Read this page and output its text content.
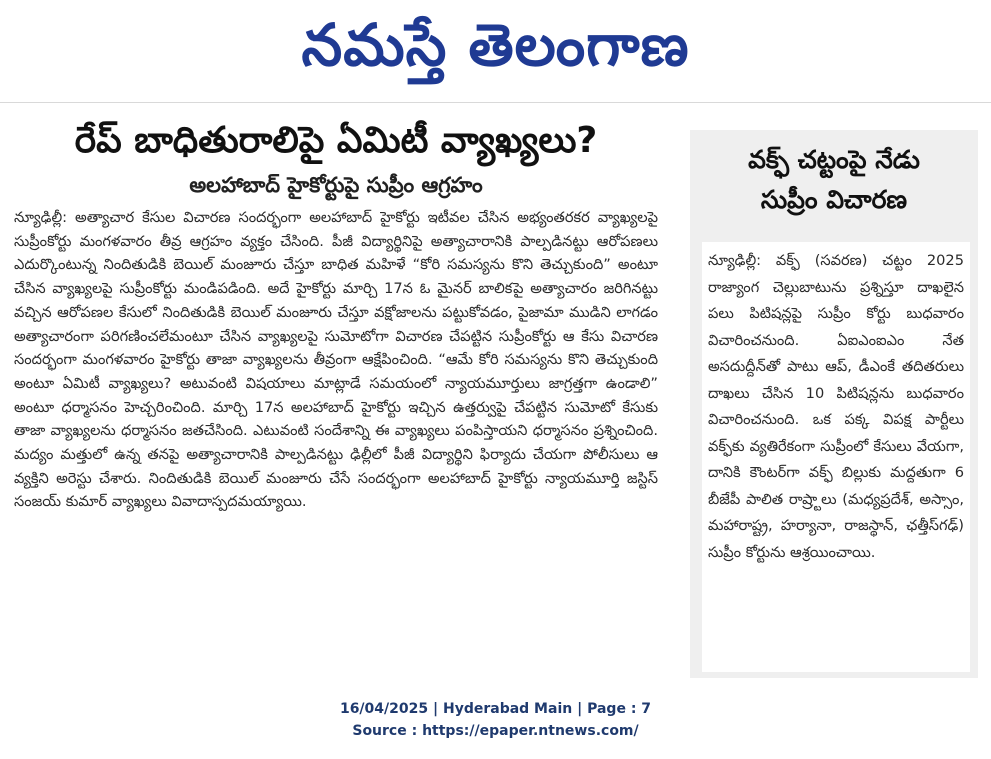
నమస్తే తెలంగాణ
రేప్ బాధితురాలిపై ఏమిటీ వ్యాఖ్యలు?
అలహాబాద్ హైకోర్టుపై సుప్రీం ఆగ్రహం

న్యూఢిల్లీ: అత్యాచార కేసుల విచారణ సందర్భంగా అలహాబాద్ హైకోర్టు ఇటీవల చేసిన అభ్యంతరకర వ్యాఖ్యలపై సుప్రీంకోర్టు మంగళవారం తీవ్ర ఆగ్రహం వ్యక్తం చేసింది. పీజీ విద్యార్థినిపై అత్యాచారానికి పాల్పడినట్టు ఆరోపణలు ఎదుర్కొంటున్న నిందితుడికి బెయిల్ మంజూరు చేస్తూ బాధిత మహిళే “కోరి సమస్యను కొని తెచ్చుకుంది” అంటూ చేసిన వ్యాఖ్యలపై సుప్రీంకోర్టు మండిపడింది. అదే హైకోర్టు మార్చి 17న ఓ మైనర్ బాలికపై అత్యాచారం జరిగినట్టు వచ్చిన ఆరోపణల కేసులో నిందితుడికి బెయిల్ మంజూరు చేస్తూ వక్షోజాలను పట్టుకోవడం, పైజామా ముడిని లాగడం అత్యాచారంగా పరిగణించలేమంటూ చేసిన వ్యాఖ్యలపై సుమోటోగా విచారణ చేపట్టిన సుప్రీంకోర్టు ఆ కేసు విచారణ సందర్భంగా మంగళవారం హైకోర్టు తాజా వ్యాఖ్యలను తీవ్రంగా ఆక్షేపించింది. “ఆమే కోరి సమస్యను కొని తెచ్చుకుంది అంటూ ఏమిటీ వ్యాఖ్యలు? అటువంటి విషయాలు మాట్లాడే సమయంలో న్యాయమూర్తులు జాగ్రత్తగా ఉండాలి” అంటూ ధర్మాసనం హెచ్చరించింది. మార్చి 17న అలహాబాద్ హైకోర్టు ఇచ్చిన ఉత్తర్వుపై చేపట్టిన సుమోటో కేసుకు తాజా వ్యాఖ్యలను ధర్మాసనం జతచేసింది. ఎటువంటి సందేశాన్ని ఈ వ్యాఖ్యలు పంపిస్తాయని ధర్మాసనం ప్రశ్నించింది. మద్యం మత్తులో ఉన్న తనపై అత్యాచారానికి పాల్పడినట్టు ఢిల్లీలో పీజీ విద్యార్థిని ఫిర్యాదు చేయగా పోలీసులు ఆ వ్యక్తిని అరెస్టు చేశారు. నిందితుడికి బెయిల్ మంజూరు చేసే సందర్భంగా అలహాబాద్ హైకోర్టు న్యాయమూర్తి జస్టిస్ సంజయ్ కుమార్ వ్యాఖ్యలు వివాదాస్పదమయ్యాయి.

వక్ఫ్ చట్టంపై నేడు
సుప్రీం విచారణ

న్యూఢిల్లీ: వక్ఫ్ (సవరణ) చట్టం 2025 రాజ్యాంగ చెల్లుబాటును ప్రశ్నిస్తూ దాఖలైన పలు పిటిషన్లపై సుప్రీం కోర్టు బుధవారం విచారించనుంది. ఏఐఎంఐఎం నేత అసదుద్దీన్‌తో పాటు ఆప్, డీఎంకే తదితరులు దాఖలు చేసిన 10 పిటిషన్లను బుధవారం విచారించనుంది. ఒక పక్క విపక్ష పార్టీలు వక్ఫ్‌కు వ్యతిరేకంగా సుప్రీంలో కేసులు వేయగా, దానికి కౌంటర్‌గా వక్ఫ్ బిల్లుకు మద్దతుగా 6 బీజేపీ పాలిత రాష్ర్టాలు (మధ్యప్రదేశ్, అస్సాం, మహారాష్ట్ర, హర్యానా, రాజస్థాన్, ఛత్తీస్‌గఢ్) సుప్రీం కోర్టును ఆశ్రయించాయి.

16/04/2025 | Hyderabad Main | Page : 7
Source : https://epaper.ntnews.com/
